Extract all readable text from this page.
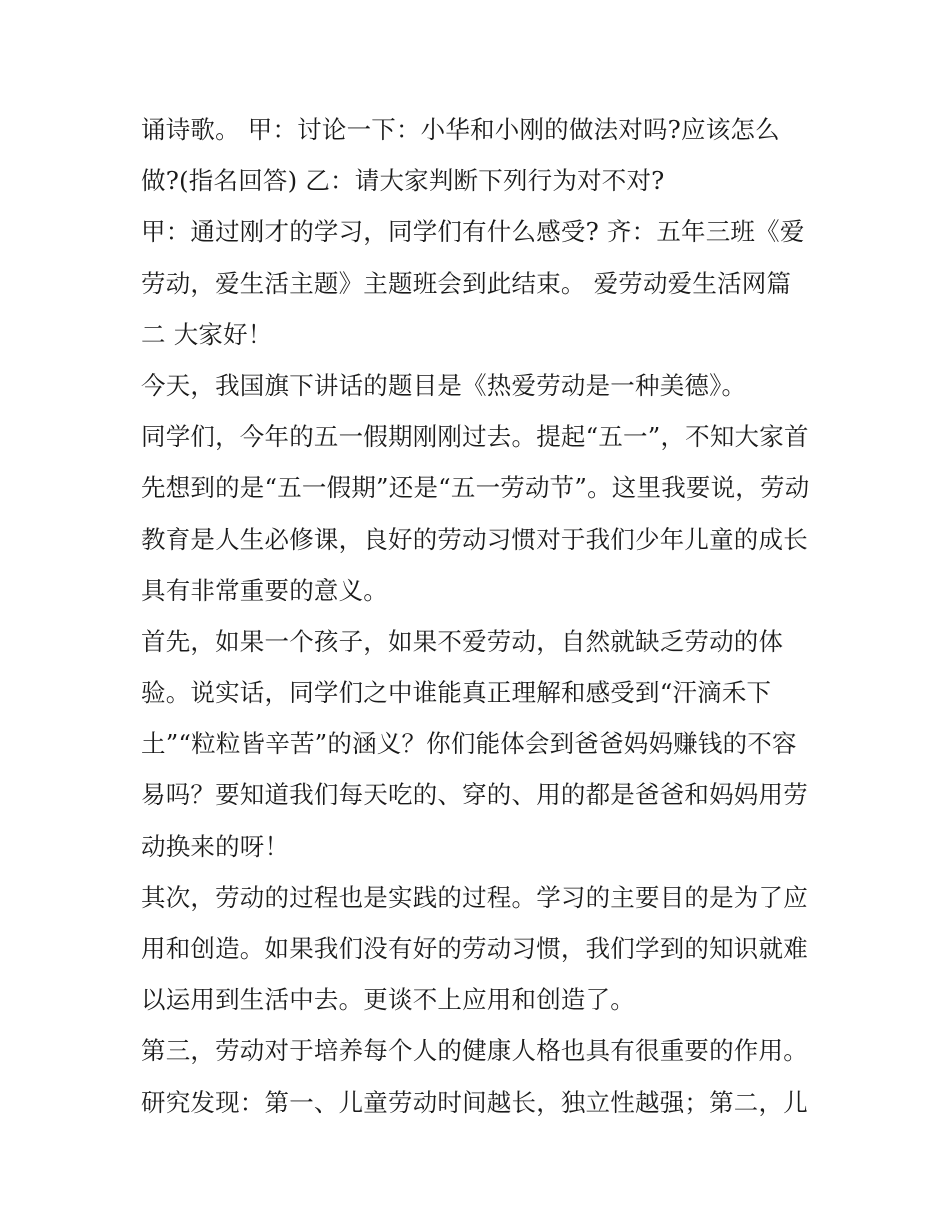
诵诗歌。 甲：讨论一下：小华和小刚的做法对吗?应该怎么
做?(指名回答) 乙：请大家判断下列行为对不对?
甲：通过刚才的学习，同学们有什么感受? 齐：五年三班《爱
劳动，爱生活主题》主题班会到此结束。 爱劳动爱生活网篇
二 大家好！
今天，我国旗下讲话的题目是《热爱劳动是一种美德》。
同学们，今年的五一假期刚刚过去。提起“五一”，不知大家首
先想到的是“五一假期”还是“五一劳动节”。这里我要说，劳动
教育是人生必修课，良好的劳动习惯对于我们少年儿童的成长
具有非常重要的意义。
首先，如果一个孩子，如果不爱劳动，自然就缺乏劳动的体
验。说实话，同学们之中谁能真正理解和感受到“汗滴禾下
土”“粒粒皆辛苦”的涵义？你们能体会到爸爸妈妈赚钱的不容
易吗？要知道我们每天吃的、穿的、用的都是爸爸和妈妈用劳
动换来的呀！
其次，劳动的过程也是实践的过程。学习的主要目的是为了应
用和创造。如果我们没有好的劳动习惯，我们学到的知识就难
以运用到生活中去。更谈不上应用和创造了。
第三，劳动对于培养每个人的健康人格也具有很重要的作用。
研究发现：第一、儿童劳动时间越长，独立性越强；第二，儿
